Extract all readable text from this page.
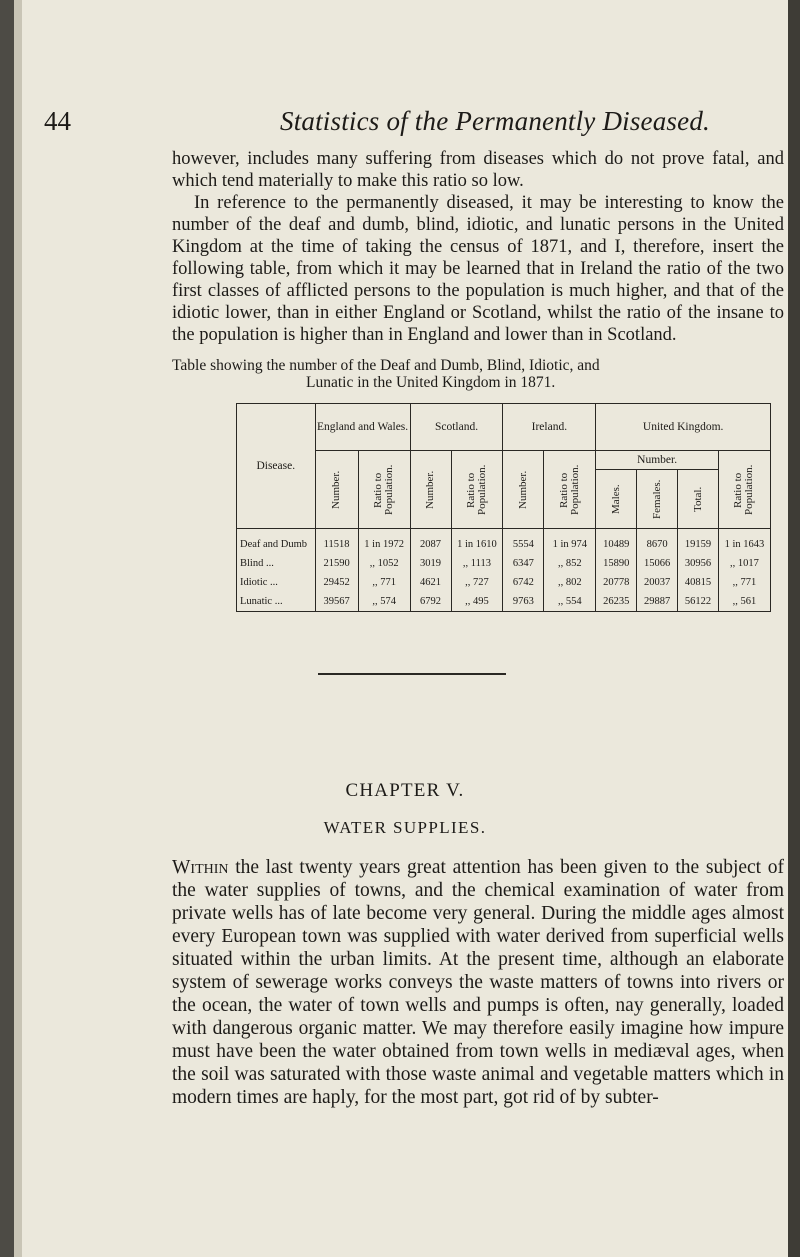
44	Statistics of the Permanently Diseased.

however, includes many suffering from diseases which do not prove fatal, and which tend materially to make this ratio so low.

In reference to the permanently diseased, it may be interesting to know the number of the deaf and dumb, blind, idiotic, and lunatic persons in the United Kingdom at the time of taking the census of 1871, and I, therefore, insert the following table, from which it may be learned that in Ireland the ratio of the two first classes of afflicted persons to the population is much higher, and that of the idiotic lower, than in either England or Scotland, whilst the ratio of the insane to the population is higher than in England and lower than in Scotland.

Table showing the number of the Deaf and Dumb, Blind, Idiotic, and
Lunatic in the United Kingdom in 1871.
Disease.	England and Wales.		Scotland.		Ireland.		United Kingdom.			

Number.	Ratio to Population.	Number.	Ratio to Population.	Number.	Ratio to Population.	Number.			Ratio to Population.

Males.	Females.	Total.	

Deaf and Dumb	11518	1 in 1972	2087	1 in 1610	5554	1 in 974	10489	8670	19159	1 in 1643
Blind ...	21590	,, 1052	3019	,, 1113	6347	,, 852	15890	15066	30956	,, 1017
Idiotic ...	29452	,, 771	4621	,, 727	6742	,, 802	20778	20037	40815	,, 771
Lunatic ...	39567	,, 574	6792	,, 495	9763	,, 554	26235	29887	56122	,, 561
CHAPTER V.
WATER SUPPLIES.

Within the last twenty years great attention has been given to the subject of the water supplies of towns, and the chemical examination of water from private wells has of late become very general. During the middle ages almost every European town was supplied with water derived from superficial wells situated within the urban limits. At the present time, although an elaborate system of sewerage works conveys the waste matters of towns into rivers or the ocean, the water of town wells and pumps is often, nay generally, loaded with dangerous organic matter. We may therefore easily imagine how impure must have been the water obtained from town wells in mediæval ages, when the soil was saturated with those waste animal and vegetable matters which in modern times are haply, for the most part, got rid of by subter-
